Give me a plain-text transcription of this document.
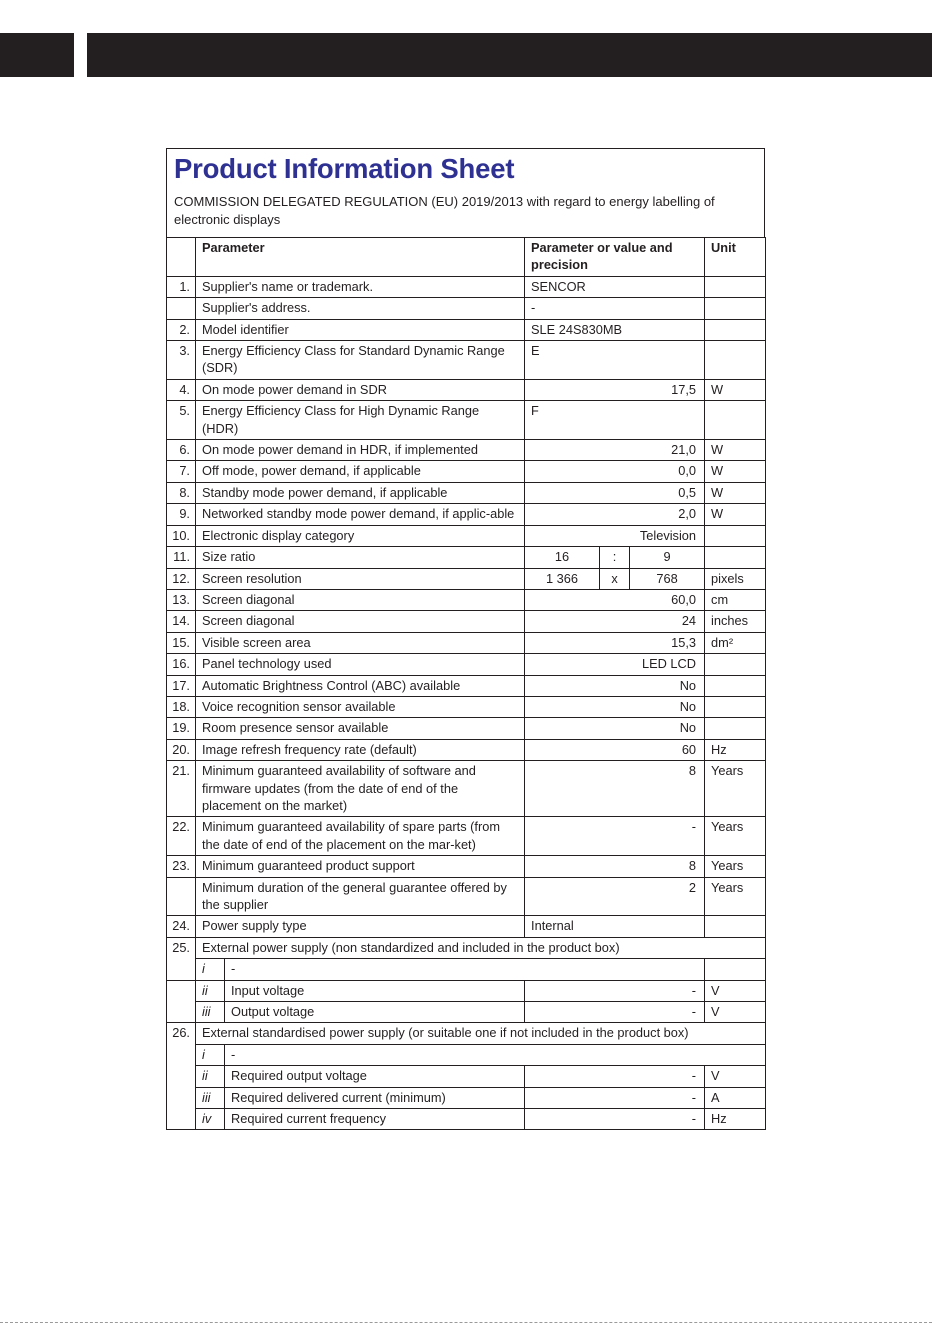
Product Information Sheet
COMMISSION DELEGATED REGULATION (EU) 2019/2013 with regard to energy labelling of electronic displays
	Parameter		Parameter or value and precision			Unit
1.	Supplier's name or trademark.		SENCOR			
	Supplier's address.		-			
2.	Model identifier		SLE 24S830MB			
3.	Energy Efficiency Class for Standard Dynamic Range (SDR)		E			
4.	On mode power demand in SDR		17,5			W
5.	Energy Efficiency Class for High Dynamic Range (HDR)		F			
6.	On mode power demand in HDR, if implemented		21,0			W
7.	Off mode, power demand, if applicable		0,0			W
8.	Standby mode power demand, if applicable		0,5			W
9.	Networked standby mode power demand, if applic-able		2,0			W
10.	Electronic display category		Television			
11.	Size ratio		16	:	9	
12.	Screen resolution		1 366	x	768	pixels
13.	Screen diagonal		60,0			cm
14.	Screen diagonal		24			inches
15.	Visible screen area		15,3			dm²
16.	Panel technology used		LED LCD			
17.	Automatic Brightness Control (ABC) available		No			
18.	Voice recognition sensor available		No			
19.	Room presence sensor available		No			
20.	Image refresh frequency rate (default)		60			Hz
21.	Minimum guaranteed availability of software and firmware updates (from the date of end of the placement on the market)		8			Years
22.	Minimum guaranteed availability of spare parts (from the date of end of the placement on the mar-ket)		-			Years
23.	Minimum guaranteed product support		8			Years
	Minimum duration of the general guarantee offered by the supplier		2			Years
24.	Power supply type		Internal			
25.	External power supply (non standardized and included in the product box)					
	i	-				
	ii	Input voltage	-			V
	iii	Output voltage	-			V
26.	External standardised power supply (or suitable one if not included in the product box)					
	i	-				
	ii	Required output voltage	-			V
	iii	Required delivered current (minimum)	-			A
	iv	Required current frequency	-			Hz
